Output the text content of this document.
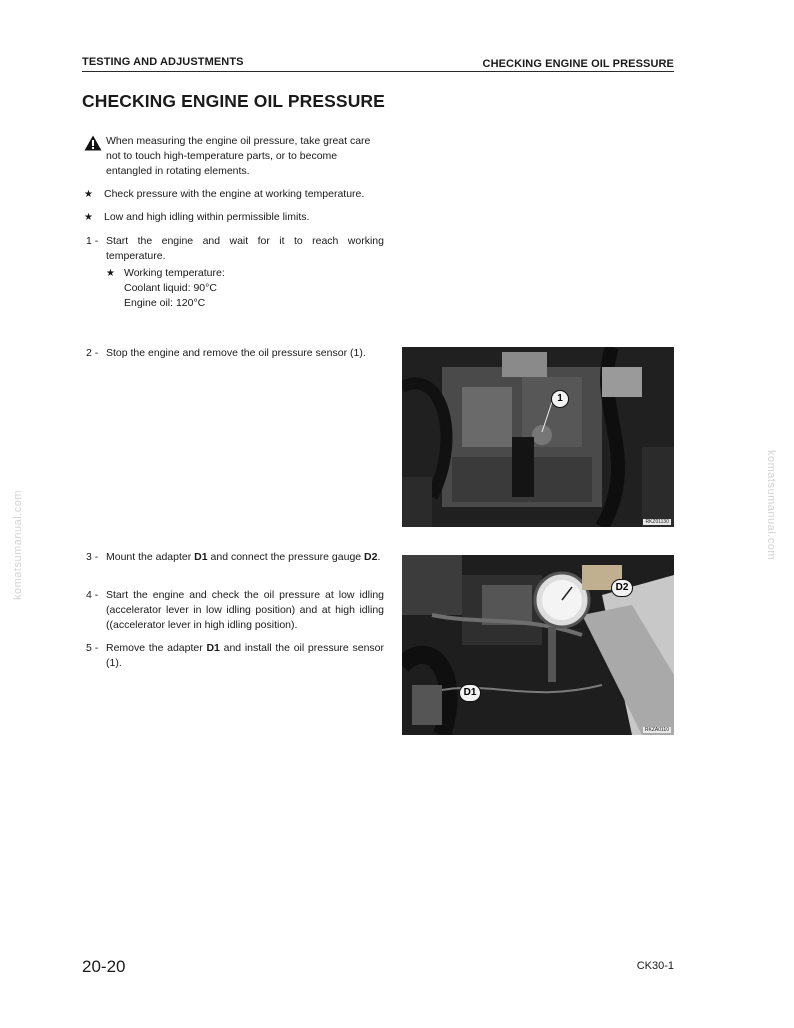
TESTING AND ADJUSTMENTS	CHECKING ENGINE OIL PRESSURE
CHECKING ENGINE OIL PRESSURE
When measuring the engine oil pressure, take great care not to touch high-temperature parts, or to become entangled in rotating elements.
★ Check pressure with the engine at working temperature.
★ Low and high idling within permissible limits.
1 - Start the engine and wait for it to reach working temperature.
★ Working temperature:
Coolant liquid: 90°C
Engine oil: 120°C
2 - Stop the engine and remove the oil pressure sensor (1).
1
RKZ01130
3 - Mount the adapter D1 and connect the pressure gauge D2.
4 - Start the engine and check the oil pressure at low idling (accelerator lever in low idling position) and at high idling ((accelerator lever in high idling position).
5 - Remove the adapter D1 and install the oil pressure sensor (1).
D2
D1
RKZA0110
komatsumanual.com	komatsumanual.com
20-20	CK30-1
